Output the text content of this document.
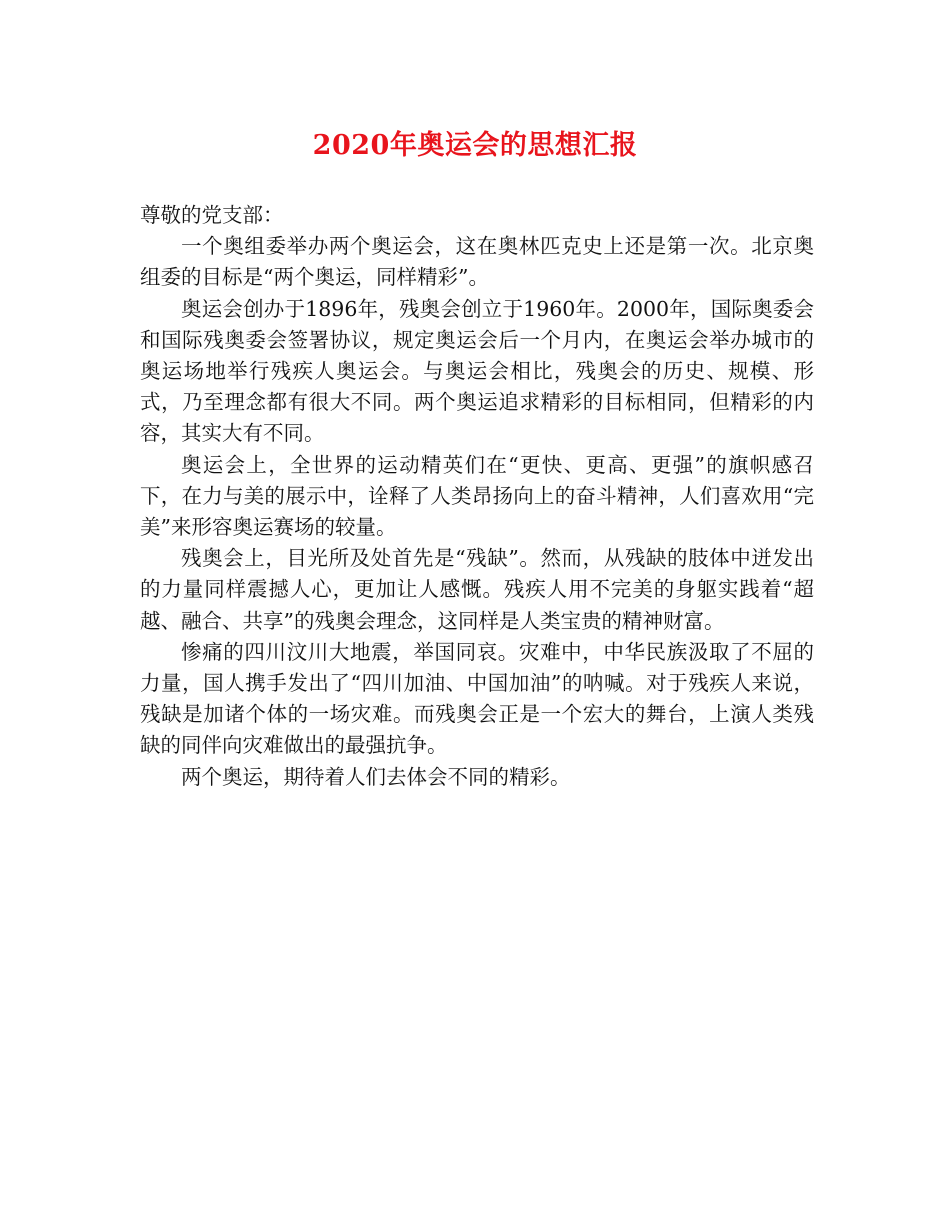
2020年奥运会的思想汇报

尊敬的党支部：

一个奥组委举办两个奥运会，这在奥林匹克史上还是第一次。北京奥组委的目标是“两个奥运，同样精彩”。

奥运会创办于1896年，残奥会创立于1960年。2000年，国际奥委会和国际残奥委会签署协议，规定奥运会后一个月内，在奥运会举办城市的奥运场地举行残疾人奥运会。与奥运会相比，残奥会的历史、规模、形式，乃至理念都有很大不同。两个奥运追求精彩的目标相同，但精彩的内容，其实大有不同。

奥运会上，全世界的运动精英们在“更快、更高、更强”的旗帜感召下，在力与美的展示中，诠释了人类昂扬向上的奋斗精神，人们喜欢用“完美”来形容奥运赛场的较量。

残奥会上，目光所及处首先是“残缺”。然而，从残缺的肢体中迸发出的力量同样震撼人心，更加让人感慨。残疾人用不完美的身躯实践着“超越、融合、共享”的残奥会理念，这同样是人类宝贵的精神财富。

惨痛的四川汶川大地震，举国同哀。灾难中，中华民族汲取了不屈的力量，国人携手发出了“四川加油、中国加油”的呐喊。对于残疾人来说，残缺是加诸个体的一场灾难。而残奥会正是一个宏大的舞台，上演人类残缺的同伴向灾难做出的最强抗争。

两个奥运，期待着人们去体会不同的精彩。
